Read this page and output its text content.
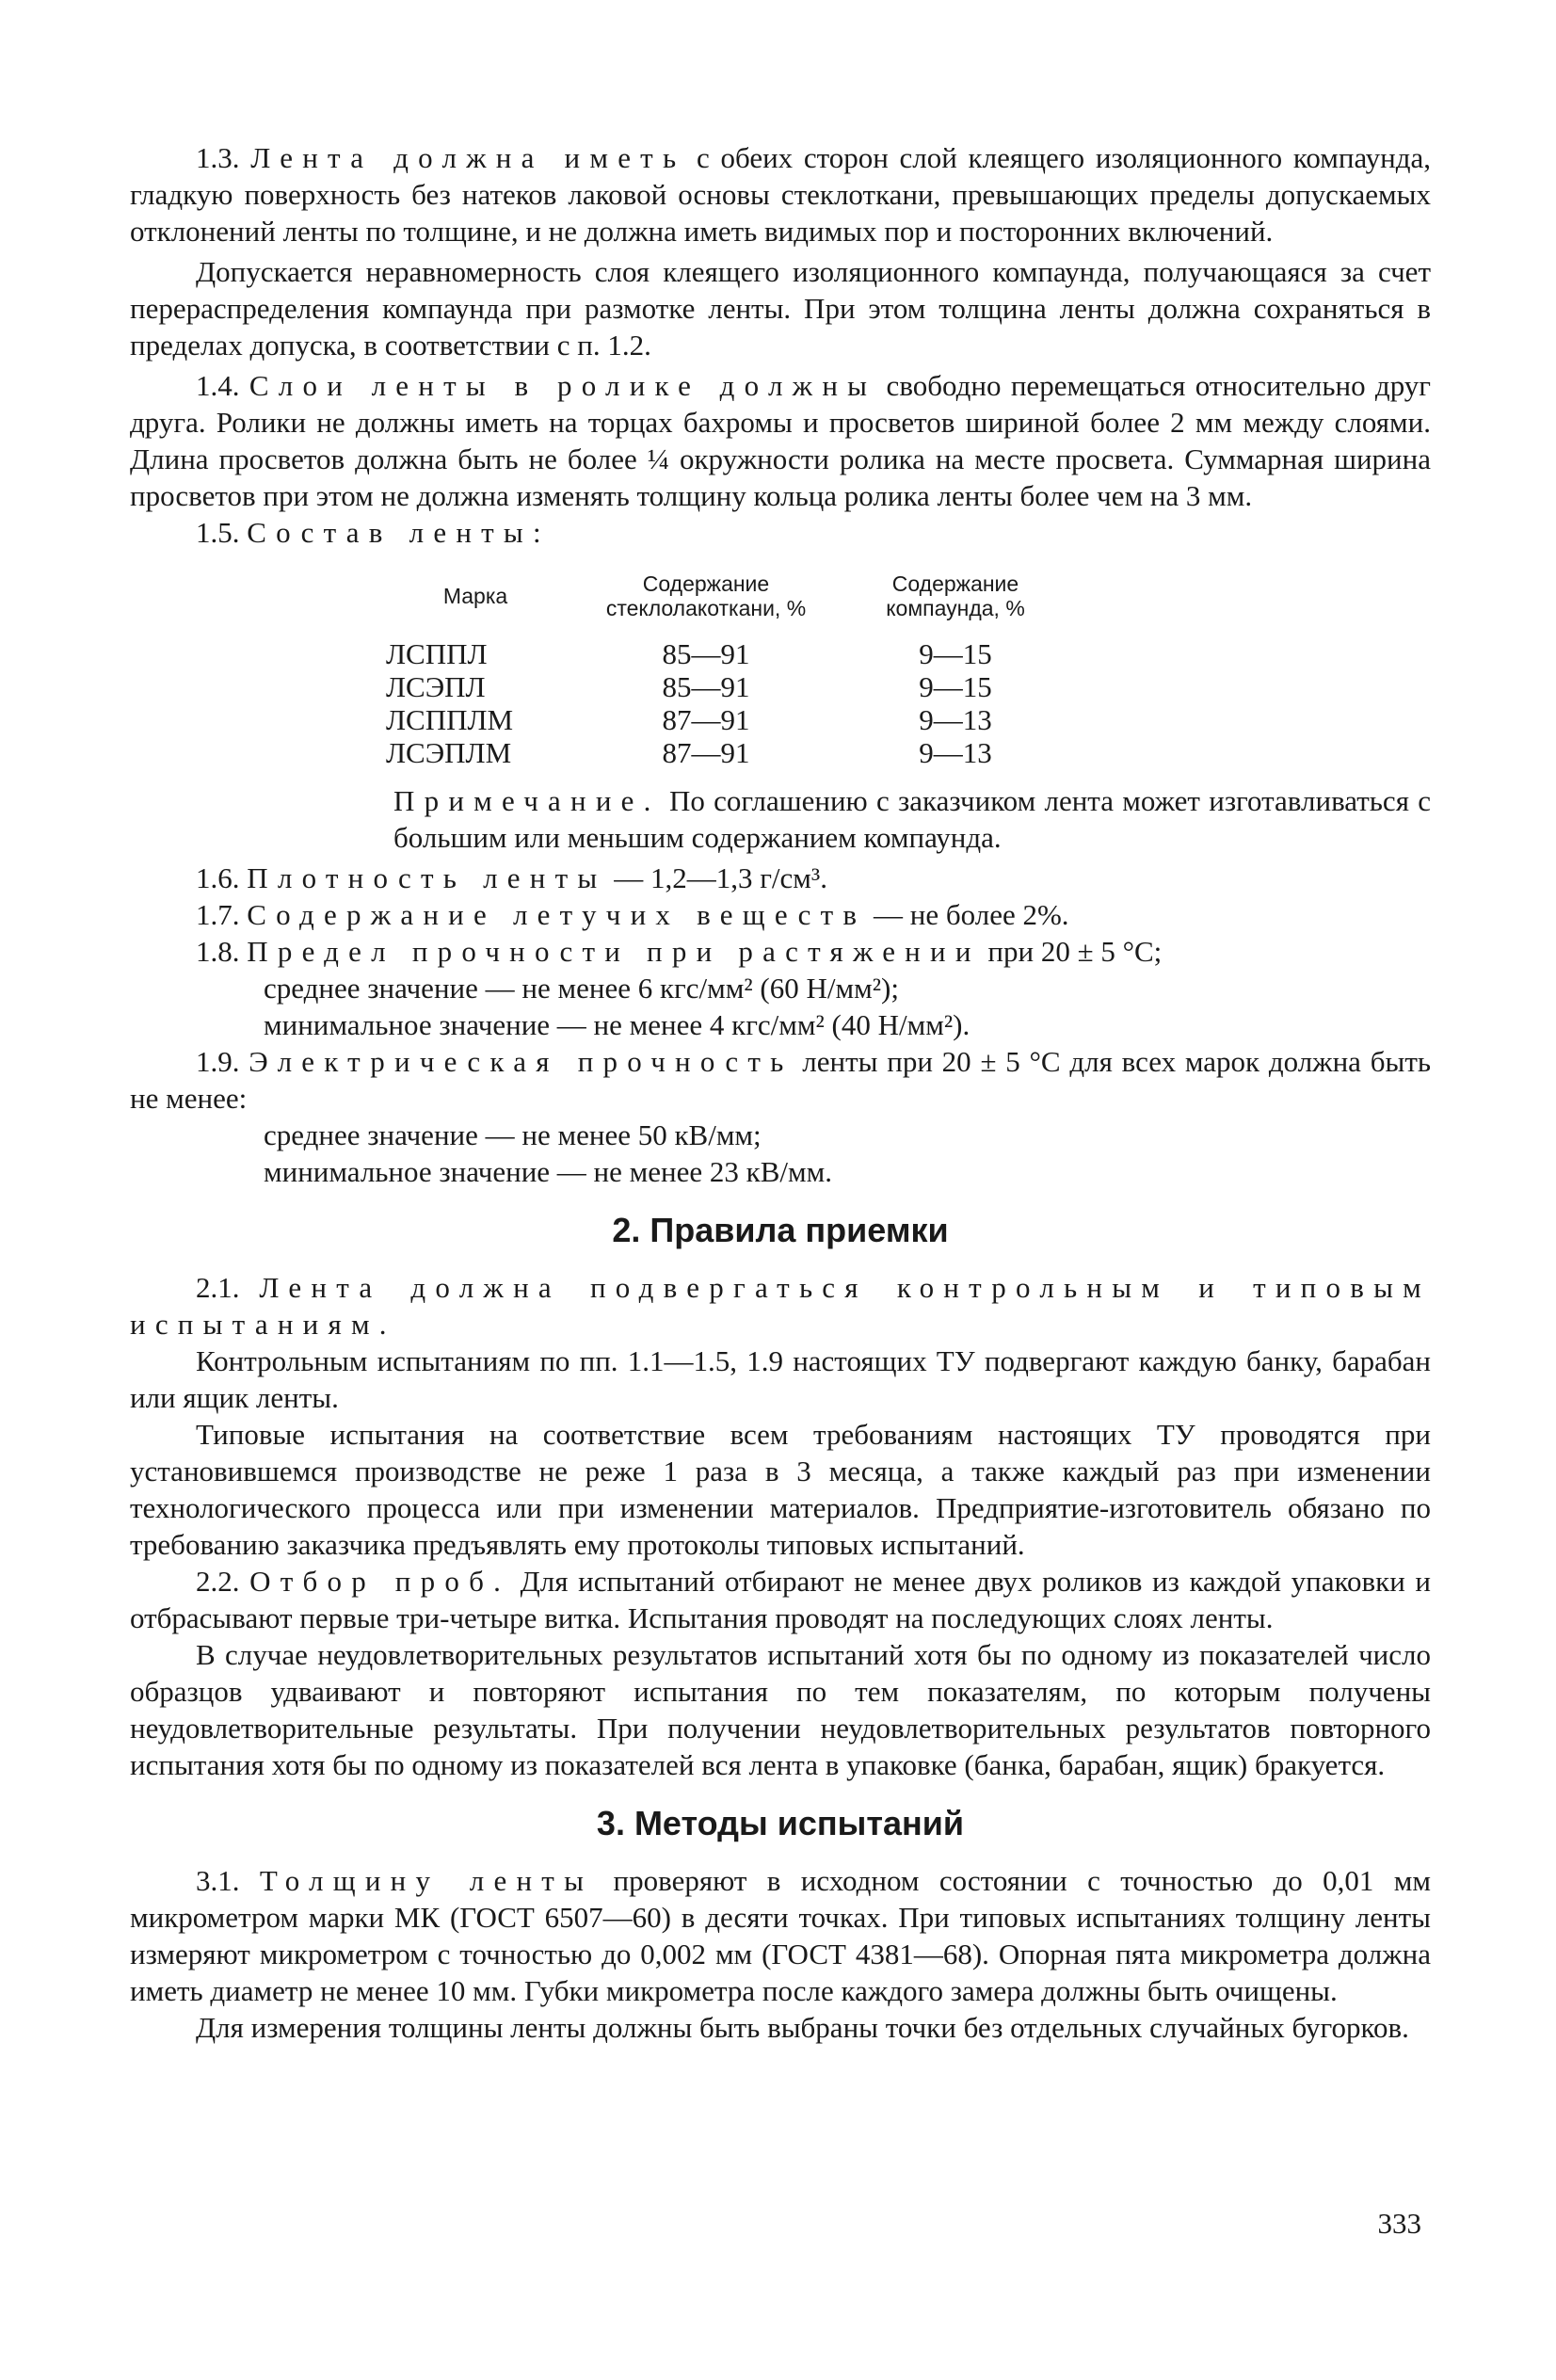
1.3. Лента должна иметь с обеих сторон слой клеящего изоляционного компаунда, гладкую поверхность без натеков лаковой основы стеклоткани, превышающих пределы допускаемых отклонений ленты по толщине, и не должна иметь видимых пор и посторонних включений.

Допускается неравномерность слоя клеящего изоляционного компаунда, получающаяся за счет перераспределения компаунда при размотке ленты. При этом толщина ленты должна сохраняться в пределах допуска, в соответствии с п. 1.2.

1.4. Слои ленты в ролике должны свободно перемещаться относительно друг друга. Ролики не должны иметь на торцах бахромы и просветов шириной более 2 мм между слоями. Длина просветов должна быть не более ¼ окружности ролика на месте просвета. Суммарная ширина просветов при этом не должна изменять толщину кольца ролика ленты более чем на 3 мм.

1.5. Состав ленты:

Марка	Содержание стеклолакоткани, %	Содержание компаунда, %
ЛСППЛ	85—91	9—15
ЛСЭПЛ	85—91	9—15
ЛСППЛМ	87—91	9—13
ЛСЭПЛМ	87—91	9—13

Примечание. По соглашению с заказчиком лента может изготавливаться с большим или меньшим содержанием компаунда.

1.6. Плотность ленты — 1,2—1,3 г/см³.

1.7. Содержание летучих веществ — не более 2%.

1.8. Предел прочности при растяжении при 20 ± 5 °С;

среднее значение — не менее 6 кгс/мм² (60 Н/мм²);

минимальное значение — не менее 4 кгс/мм² (40 Н/мм²).

1.9. Электрическая прочность ленты при 20 ± 5 °С для всех марок должна быть не менее:

среднее значение — не менее 50 кВ/мм;

минимальное значение — не менее 23 кВ/мм.

2. Правила приемки

2.1. Лента должна подвергаться контрольным и типовым испытаниям.

Контрольным испытаниям по пп. 1.1—1.5, 1.9 настоящих ТУ подвергают каждую банку, барабан или ящик ленты.

Типовые испытания на соответствие всем требованиям настоящих ТУ проводятся при установившемся производстве не реже 1 раза в 3 месяца, а также каждый раз при изменении технологического процесса или при изменении материалов. Предприятие-изготовитель обязано по требованию заказчика предъявлять ему протоколы типовых испытаний.

2.2. Отбор проб. Для испытаний отбирают не менее двух роликов из каждой упаковки и отбрасывают первые три-четыре витка. Испытания проводят на последующих слоях ленты.

В случае неудовлетворительных результатов испытаний хотя бы по одному из показателей число образцов удваивают и повторяют испытания по тем показателям, по которым получены неудовлетворительные результаты. При получении неудовлетворительных результатов повторного испытания хотя бы по одному из показателей вся лента в упаковке (банка, барабан, ящик) бракуется.

3. Методы испытаний

3.1. Толщину ленты проверяют в исходном состоянии с точностью до 0,01 мм микрометром марки МК (ГОСТ 6507—60) в десяти точках. При типовых испытаниях толщину ленты измеряют микрометром с точностью до 0,002 мм (ГОСТ 4381—68). Опорная пята микрометра должна иметь диаметр не менее 10 мм. Губки микрометра после каждого замера должны быть очищены.

Для измерения толщины ленты должны быть выбраны точки без отдельных случайных бугорков.

333
